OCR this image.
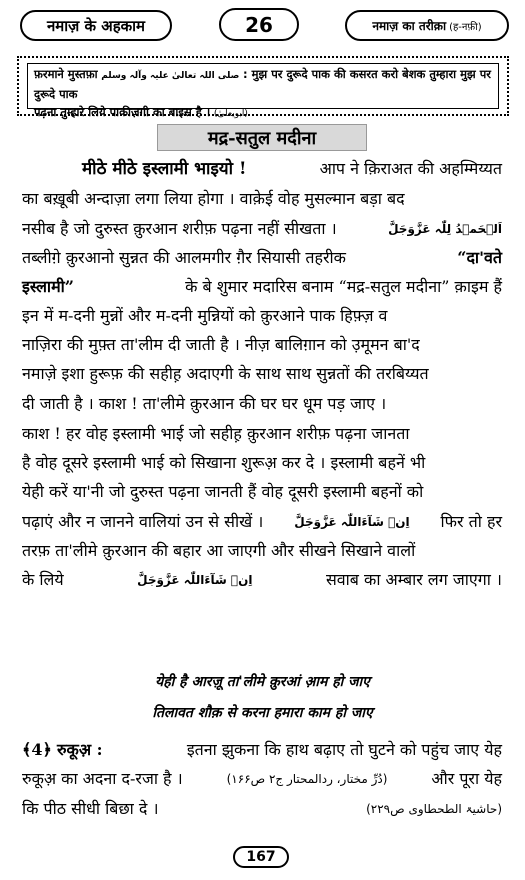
नमाज़ के अहकाम	26	नमाज़ का तरीक़ा (ह-नफ़ी)
फ़रमाने मुस्तफ़ा صلی اللہ تعالیٰ علیہ وآلہ وسلم : मुझ पर दुरूदे पाक की कसरत करो बेशक तुम्हारा मुझ पर दुरूदे पाक
पढ़ना तुम्हारे लिये पाकीज़गी का बाइस है । (ابویعلیٰ)
मद्र-सतुल मदीना
मीठे मीठे इस्लामी भाइयो !	आप ने क़िराअत की अहम्मिय्यत
का बख़ूबी अन्दाज़ा लगा लिया होगा । वाक़ेई वोह मुसल्मान बड़ा बद
नसीब है जो दुरुस्त क़ुरआन शरीफ़ पढ़ना नहीं सीखता ।	اَلۡحَمۡدُ لِلّٰہ عَزَّوَجَلَّ
तब्लीग़े क़ुरआनो सुन्नत की आलमगीर ग़ैर सियासी तहरीक	“दा'वते
इस्लामी”	के बे शुमार मदारिस बनाम “मद्र-सतुल मदीना” क़ाइम हैं
इन में म-दनी मुन्नों और म-दनी मुन्नियों को क़ुरआने पाक हिफ़्ज़ व
नाज़िरा की मुफ़्त ता'लीम दी जाती है । नीज़ बालिग़ान को उ़मूमन बा'द
नमाज़े इशा हुरूफ़ की सहीह़ अदाएगी के साथ साथ सुन्नतों की तरबिय्यत
दी जाती है । काश ! ता'लीमे क़ुरआन की घर घर धूम पड़ जाए ।
काश ! हर वोह इस्लामी भाई जो सहीह़ क़ुरआन शरीफ़ पढ़ना जानता
है वोह दूसरे इस्लामी भाई को सिखाना शुरूअ़ कर दे । इस्लामी बहनें भी
येही करें या'नी जो दुरुस्त पढ़ना जानती हैं वोह दूसरी इस्लामी बहनों को
पढ़ाएं और न जानने वालियां उन से सीखें ।	اِنۡ شَآءَاللّٰہ عَزَّوَجَلَّ फिर तो हर
तरफ़ ता'लीमे क़ुरआन की बहार आ जाएगी और सीखने सिखाने वालों
के लिये	اِنۡ شَآءَاللّٰہ عَزَّوَجَلَّ	सवाब का अम्बार लग जाएगा ।
येही है आरज़ू ता'लीमे क़ुरआं आ़म हो जाए
तिलावत शौक़ से करना हमारा काम हो जाए
﴾4﴿ रुकूअ़ :	इतना झुकना कि हाथ बढ़ाए तो घुटने को पहुंच जाए येह
रुकूअ़ का अदना द-रजा है ।	(دُرِّ مختار، ردالمحتار ج۲ ص۱۶۶)	और पूरा येह
कि पीठ सीधी बिछा दे ।	(حاشیۃ الطحطاوی ص۲۲۹)
167
